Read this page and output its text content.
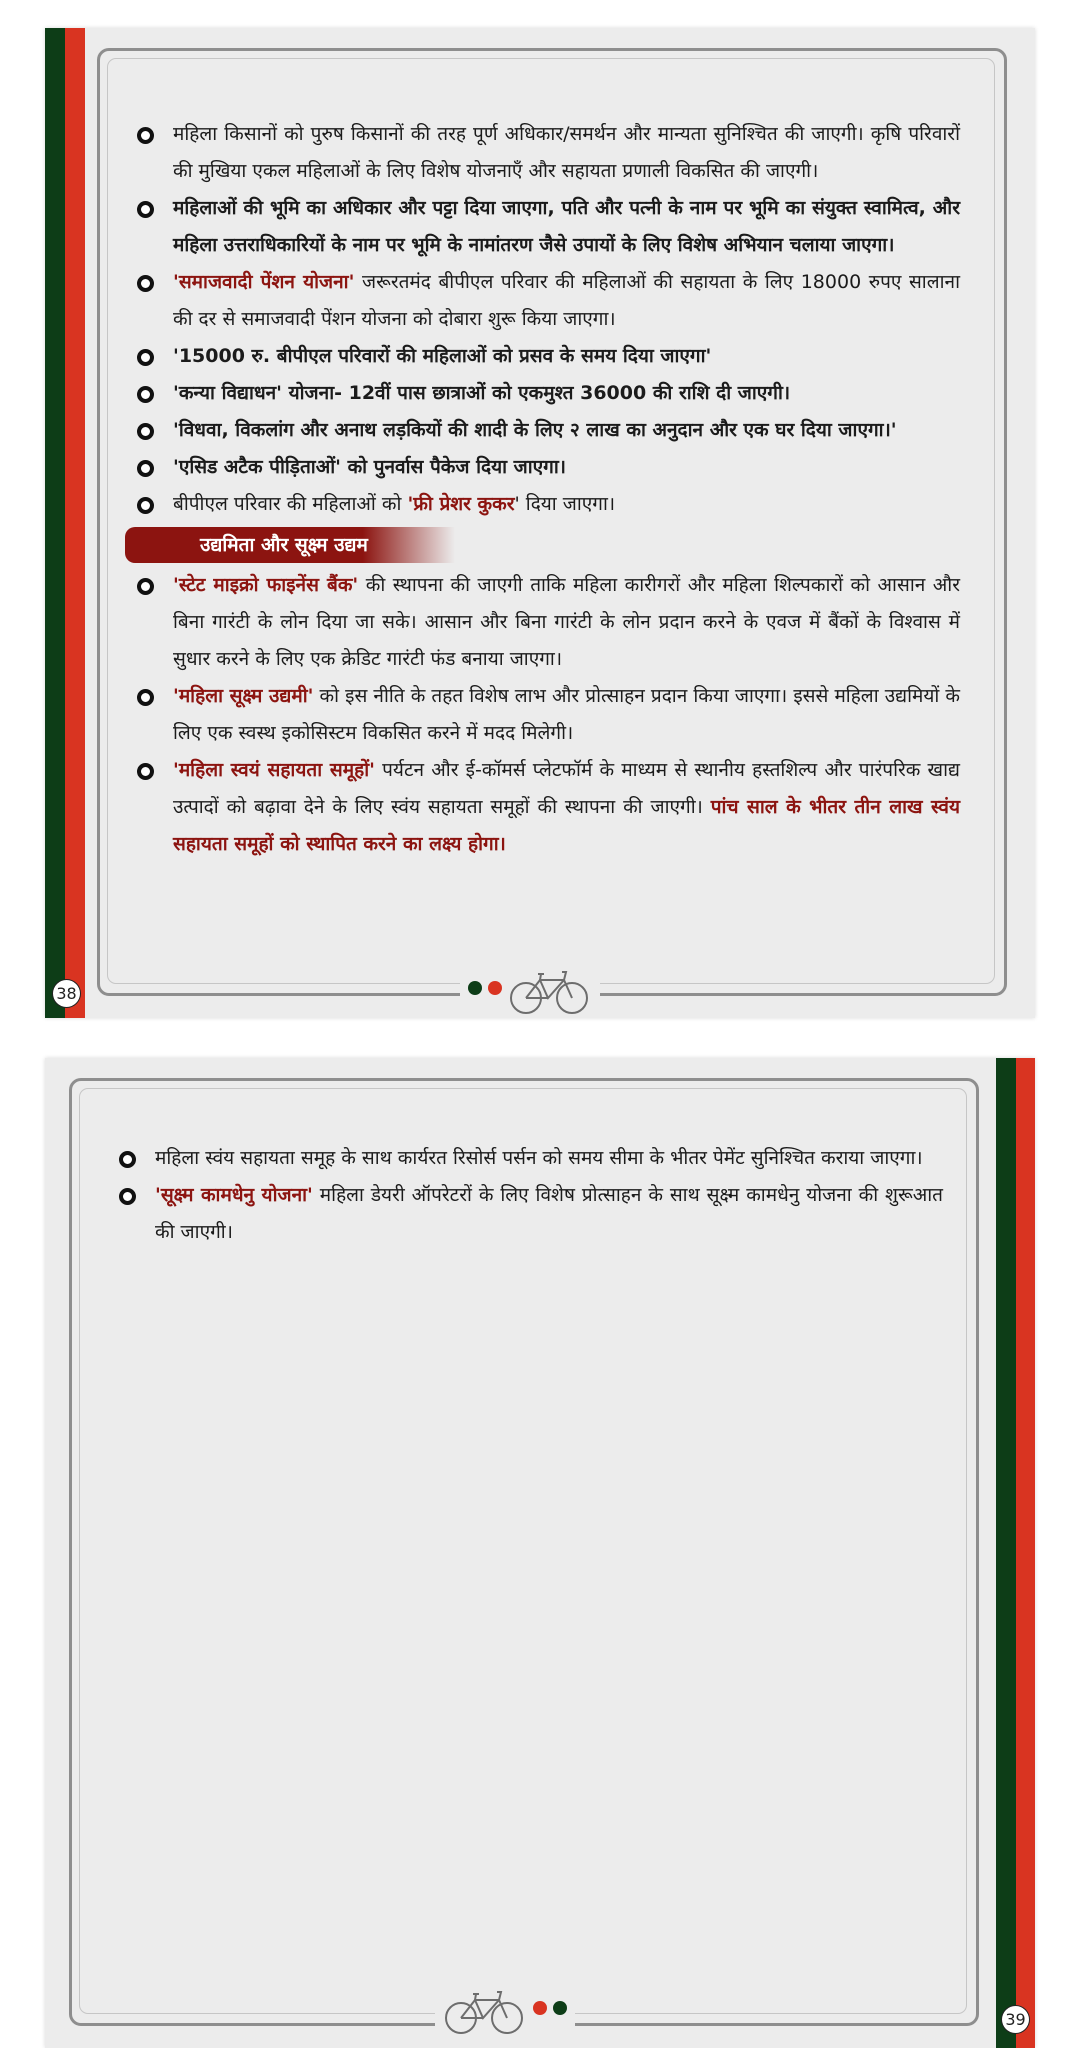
महिला किसानों को पुरुष किसानों की तरह पूर्ण अधिकार/समर्थन और मान्यता सुनिश्चित की जाएगी। कृषि परिवारों की मुखिया एकल महिलाओं के लिए विशेष योजनाएँ और सहायता प्रणाली विकसित की जाएगी।
महिलाओं की भूमि का अधिकार और पट्टा दिया जाएगा, पति और पत्नी के नाम पर भूमि का संयुक्त स्वामित्व, और महिला उत्तराधिकारियों के नाम पर भूमि के नामांतरण जैसे उपायों के लिए विशेष अभियान चलाया जाएगा।
'समाजवादी पेंशन योजना' जरूरतमंद बीपीएल परिवार की महिलाओं की सहायता के लिए 18000 रुपए सालाना की दर से समाजवादी पेंशन योजना को दोबारा शुरू किया जाएगा।
'15000 रु. बीपीएल परिवारों की महिलाओं को प्रसव के समय दिया जाएगा'
'कन्या विद्याधन' योजना- 12वीं पास छात्राओं को एकमुश्त 36000 की राशि दी जाएगी।
'विधवा, विकलांग और अनाथ लड़कियों की शादी के लिए २ लाख का अनुदान और एक घर दिया जाएगा।'
'एसिड अटैक पीड़िताओं' को पुनर्वास पैकेज दिया जाएगा।
बीपीएल परिवार की महिलाओं को 'फ्री प्रेशर कुकर' दिया जाएगा।
उद्यमिता और सूक्ष्म उद्यम
'स्टेट माइक्रो फाइनेंस बैंक' की स्थापना की जाएगी ताकि महिला कारीगरों और महिला शिल्पकारों को आसान और बिना गारंटी के लोन दिया जा सके। आसान और बिना गारंटी के लोन प्रदान करने के एवज में बैंकों के विश्वास में सुधार करने के लिए एक क्रेडिट गारंटी फंड बनाया जाएगा।
'महिला सूक्ष्म उद्यमी' को इस नीति के तहत विशेष लाभ और प्रोत्साहन प्रदान किया जाएगा। इससे महिला उद्यमियों के लिए एक स्वस्थ इकोसिस्टम विकसित करने में मदद मिलेगी।
'महिला स्वयं सहायता समूहों' पर्यटन और ई-कॉमर्स प्लेटफॉर्म के माध्यम से स्थानीय हस्तशिल्प और पारंपरिक खाद्य उत्पादों को बढ़ावा देने के लिए स्वंय सहायता समूहों की स्थापना की जाएगी। पांच साल के भीतर तीन लाख स्वंय सहायता समूहों को स्थापित करने का लक्ष्य होगा।
38
महिला स्वंय सहायता समूह के साथ कार्यरत रिसोर्स पर्सन को समय सीमा के भीतर पेमेंट सुनिश्चित कराया जाएगा।
'सूक्ष्म कामधेनु योजना' महिला डेयरी ऑपरेटरों के लिए विशेष प्रोत्साहन के साथ सूक्ष्म कामधेनु योजना की शुरूआत की जाएगी।
39
